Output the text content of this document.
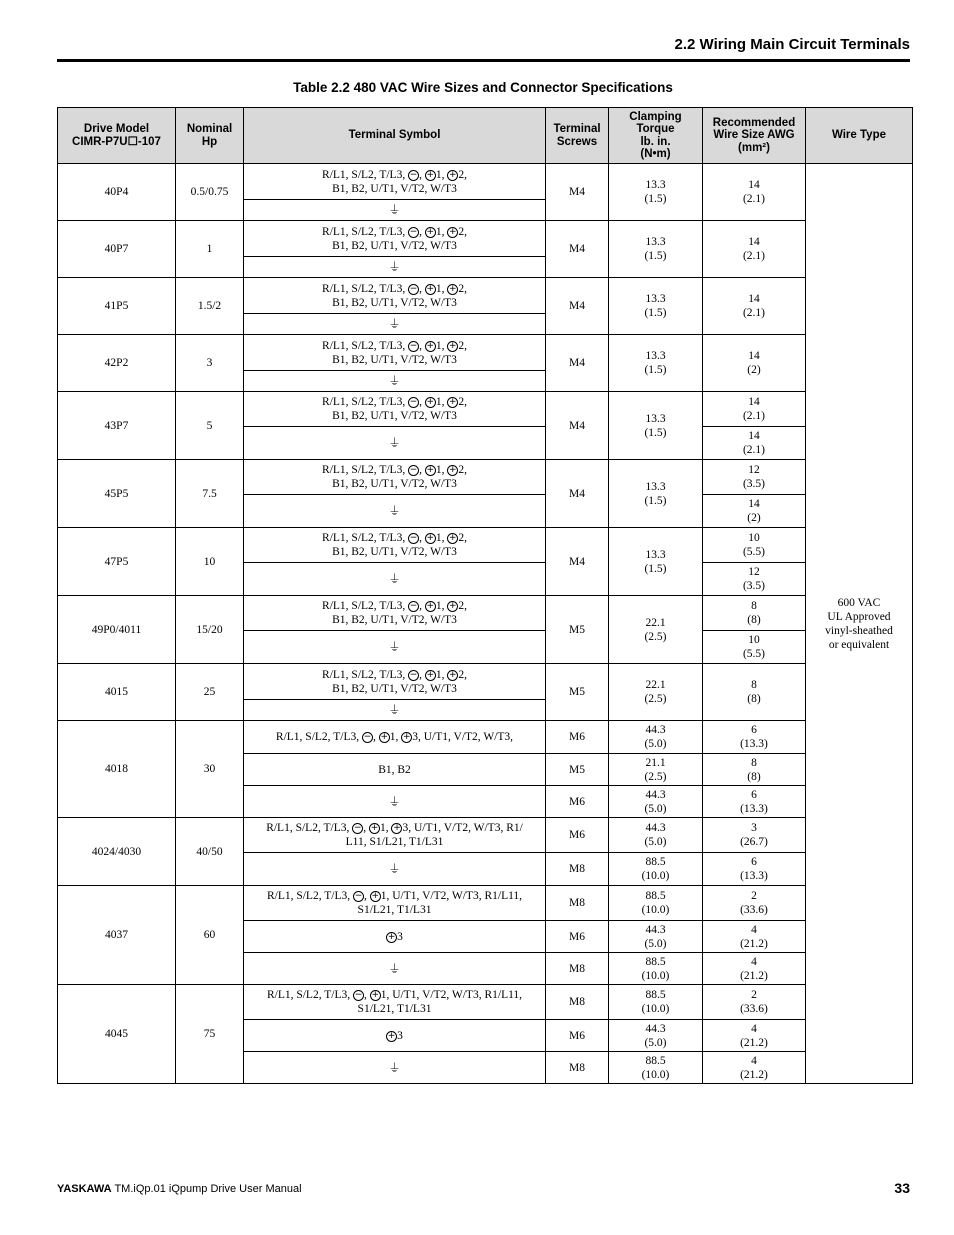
2.2 Wiring Main Circuit Terminals
Table 2.2 480 VAC Wire Sizes and Connector Specifications
Drive Model
CIMR-P7U☐-107	Nominal
Hp	Terminal Symbol	Terminal
Screws	Clamping
Torque
lb. in.
(N•m)	Recommended
Wire Size AWG
(mm²)	Wire Type
40P4	0.5/0.75	R/L1, S/L2, T/L3, − , + 1, + 2,
B1, B2, U/T1, V/T2, W/T3	M4	13.3
(1.5)	14
(2.1)	600 VAC
UL Approved
vinyl-sheathed
or equivalent
		⏚				
40P7	1	R/L1, S/L2, T/L3, − , + 1, + 2,
B1, B2, U/T1, V/T2, W/T3	M4	13.3
(1.5)	14
(2.1)	
		⏚				
41P5	1.5/2	R/L1, S/L2, T/L3, − , + 1, + 2,
B1, B2, U/T1, V/T2, W/T3	M4	13.3
(1.5)	14
(2.1)	
		⏚				
42P2	3	R/L1, S/L2, T/L3, − , + 1, + 2,
B1, B2, U/T1, V/T2, W/T3	M4	13.3
(1.5)	14
(2)	
		⏚				
43P7	5	R/L1, S/L2, T/L3, − , + 1, + 2,
B1, B2, U/T1, V/T2, W/T3	M4	13.3
(1.5)	14
(2.1)	
		⏚			14
(2.1)	
45P5	7.5	R/L1, S/L2, T/L3, − , + 1, + 2,
B1, B2, U/T1, V/T2, W/T3	M4	13.3
(1.5)	12
(3.5)	
		⏚			14
(2)	
47P5	10	R/L1, S/L2, T/L3, − , + 1, + 2,
B1, B2, U/T1, V/T2, W/T3	M4	13.3
(1.5)	10
(5.5)	
		⏚			12
(3.5)	
49P0/4011	15/20	R/L1, S/L2, T/L3, − , + 1, + 2,
B1, B2, U/T1, V/T2, W/T3	M5	22.1
(2.5)	8
(8)	
		⏚			10
(5.5)	
4015	25	R/L1, S/L2, T/L3, − , + 1, + 2,
B1, B2, U/T1, V/T2, W/T3	M5	22.1
(2.5)	8
(8)	
		⏚				
4018	30	R/L1, S/L2, T/L3, − , + 1, + 3, U/T1, V/T2, W/T3,	M6	44.3
(5.0)	6
(13.3)	
		B1, B2	M5	21.1
(2.5)	8
(8)	
		⏚	M6	44.3
(5.0)	6
(13.3)	
4024/4030	40/50	R/L1, S/L2, T/L3, − , + 1, + 3, U/T1, V/T2, W/T3, R1/
L11, S1/L21, T1/L31	M6	44.3
(5.0)	3
(26.7)	
		⏚	M8	88.5
(10.0)	6
(13.3)	
4037	60	R/L1, S/L2, T/L3, − , + 1, U/T1, V/T2, W/T3, R1/L11,
S1/L21, T1/L31	M8	88.5
(10.0)	2
(33.6)	
		+ 3	M6	44.3
(5.0)	4
(21.2)	
		⏚	M8	88.5
(10.0)	4
(21.2)	
4045	75	R/L1, S/L2, T/L3, − , + 1, U/T1, V/T2, W/T3, R1/L11,
S1/L21, T1/L31	M8	88.5
(10.0)	2
(33.6)	
		+ 3	M6	44.3
(5.0)	4
(21.2)	
		⏚	M8	88.5
(10.0)	4
(21.2)	
YASKAWA TM.iQp.01 iQpump Drive User Manual	33
